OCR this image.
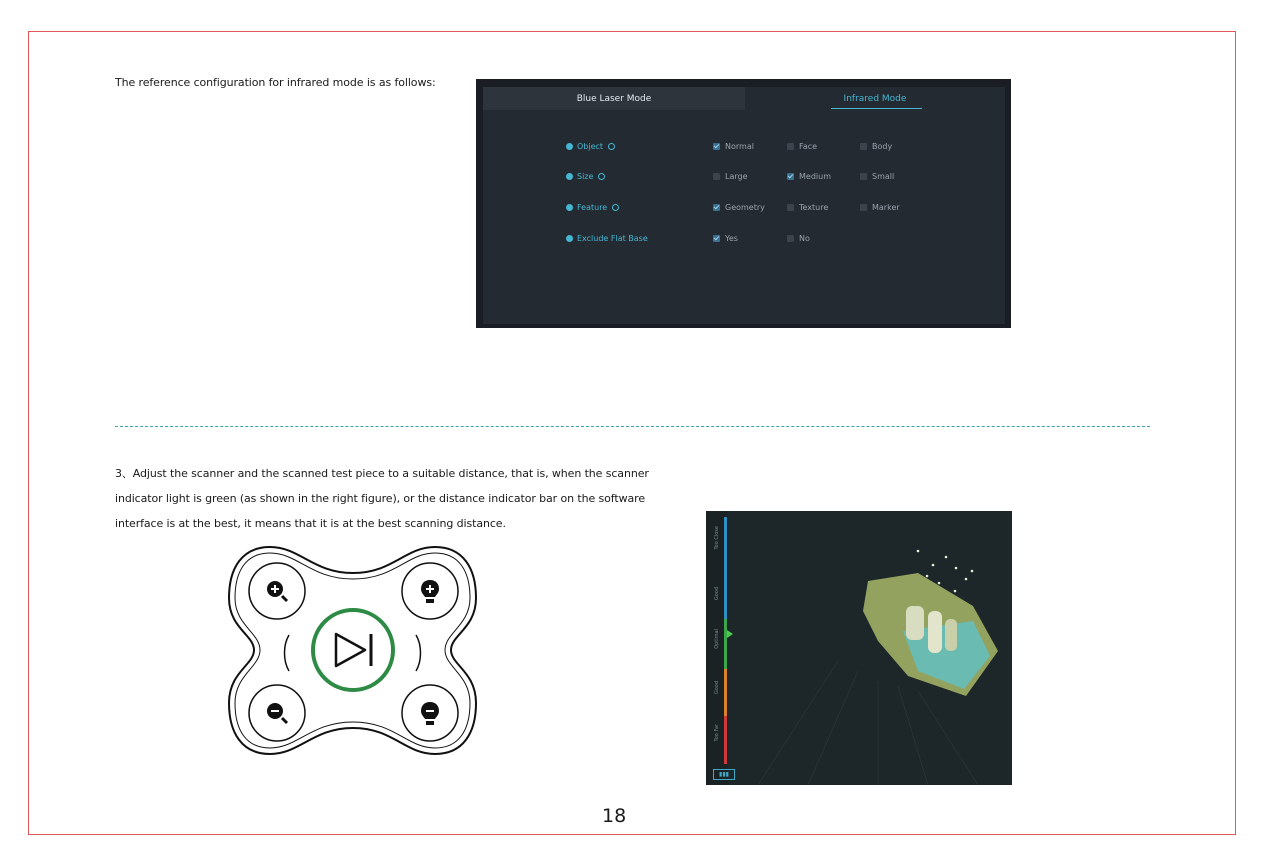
The reference configuration for infrared mode is as follows:
Blue Laser Mode	Infrared Mode
Object	Normal	Face	Body
Size	Large	Medium	Small
Feature	Geometry	Texture	Marker
Exclude Flat Base	Yes	No

3、Adjust the scanner and the scanned test piece to a suitable distance, that is, when the scanner

indicator light is green (as shown in the right figure), or the distance indicator bar on the software

interface is at the best, it means that it is at the best scanning distance.

Too Close
Good
Optimal
Good
Too Far
▮▮▮
18
